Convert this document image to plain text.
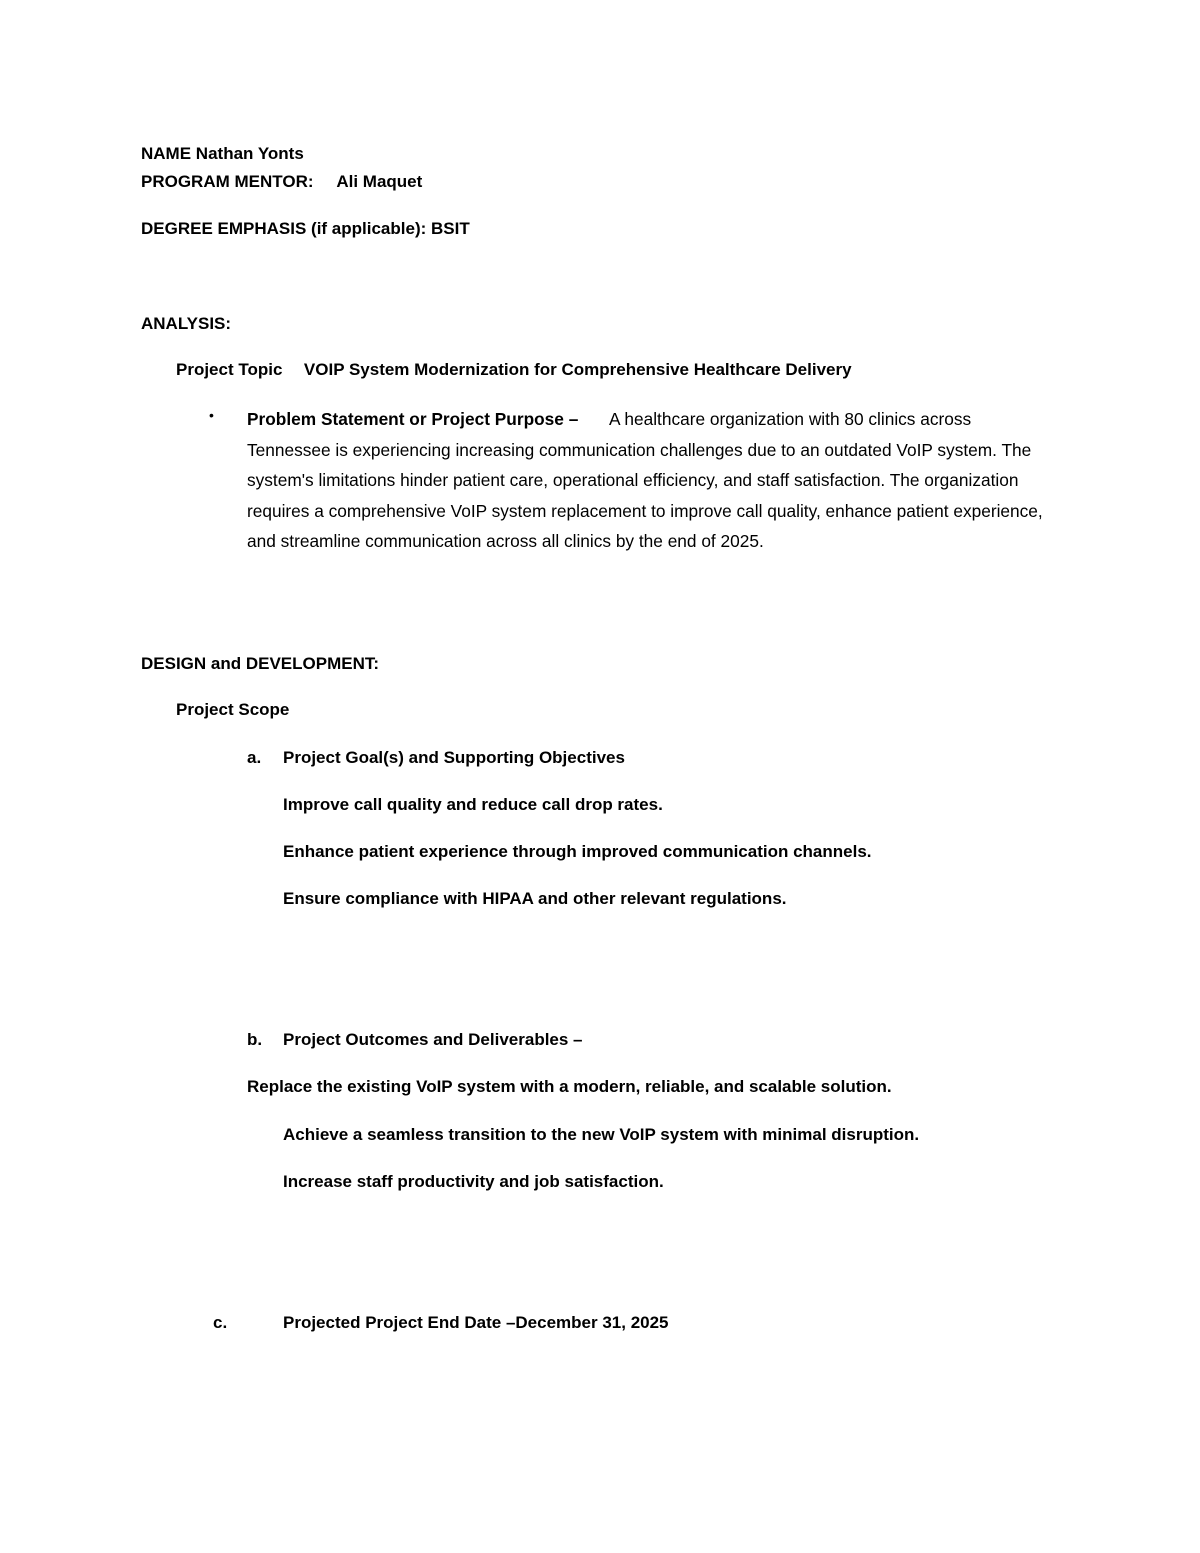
NAME Nathan Yonts
PROGRAM MENTOR: Ali Maquet
DEGREE EMPHASIS (if applicable): BSIT
ANALYSIS:
Project Topic VOIP System Modernization for Comprehensive Healthcare Delivery
• Problem Statement or Project Purpose – A healthcare organization with 80 clinics across Tennessee is experiencing increasing communication challenges due to an outdated VoIP system. The system's limitations hinder patient care, operational efficiency, and staff satisfaction. The organization requires a comprehensive VoIP system replacement to improve call quality, enhance patient experience, and streamline communication across all clinics by the end of 2025.
DESIGN and DEVELOPMENT:
Project Scope
a. Project Goal(s) and Supporting Objectives
Improve call quality and reduce call drop rates.
Enhance patient experience through improved communication channels.
Ensure compliance with HIPAA and other relevant regulations.
b. Project Outcomes and Deliverables –
Replace the existing VoIP system with a modern, reliable, and scalable solution.
Achieve a seamless transition to the new VoIP system with minimal disruption.
Increase staff productivity and job satisfaction.
c.	Projected Project End Date –December 31, 2025
